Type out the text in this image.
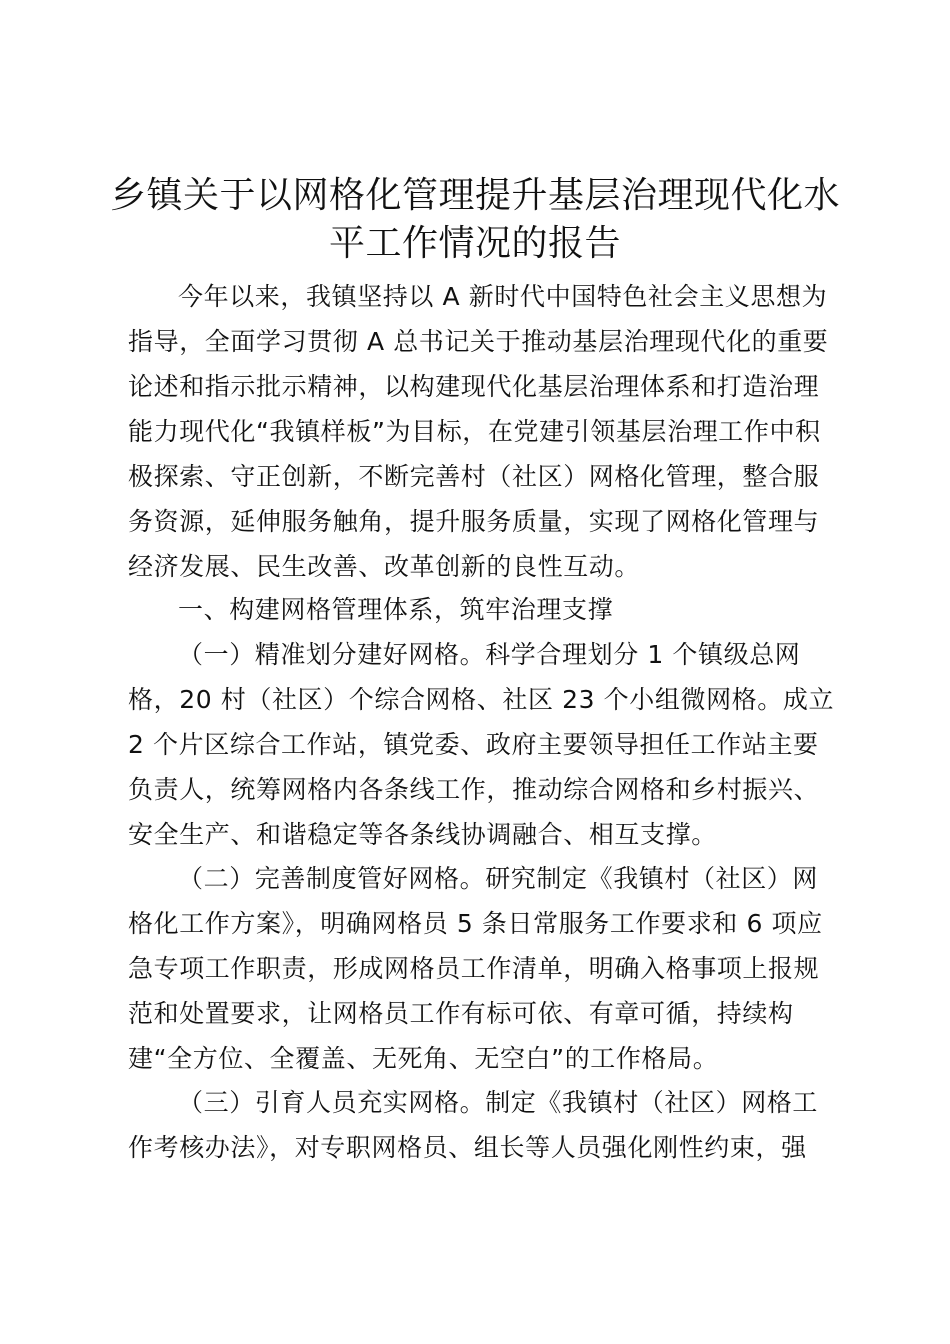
乡镇关于以网格化管理提升基层治理现代化水
平工作情况的报告
今年以来，我镇坚持以 A 新时代中国特色社会主义思想为
指导，全面学习贯彻 A 总书记关于推动基层治理现代化的重要
论述和指示批示精神，以构建现代化基层治理体系和打造治理
能力现代化“我镇样板”为目标，在党建引领基层治理工作中积
极探索、守正创新，不断完善村（社区）网格化管理，整合服
务资源，延伸服务触角，提升服务质量，实现了网格化管理与
经济发展、民生改善、改革创新的良性互动。
一、构建网格管理体系，筑牢治理支撑
（一）精准划分建好网格。科学合理划分 1 个镇级总网
格，20 村（社区）个综合网格、社区 23 个小组微网格。成立
2 个片区综合工作站，镇党委、政府主要领导担任工作站主要
负责人，统筹网格内各条线工作，推动综合网格和乡村振兴、
安全生产、和谐稳定等各条线协调融合、相互支撑。
（二）完善制度管好网格。研究制定《我镇村（社区）网
格化工作方案》，明确网格员 5 条日常服务工作要求和 6 项应
急专项工作职责，形成网格员工作清单，明确入格事项上报规
范和处置要求，让网格员工作有标可依、有章可循，持续构
建“全方位、全覆盖、无死角、无空白”的工作格局。
（三）引育人员充实网格。制定《我镇村（社区）网格工
作考核办法》，对专职网格员、组长等人员强化刚性约束，强
